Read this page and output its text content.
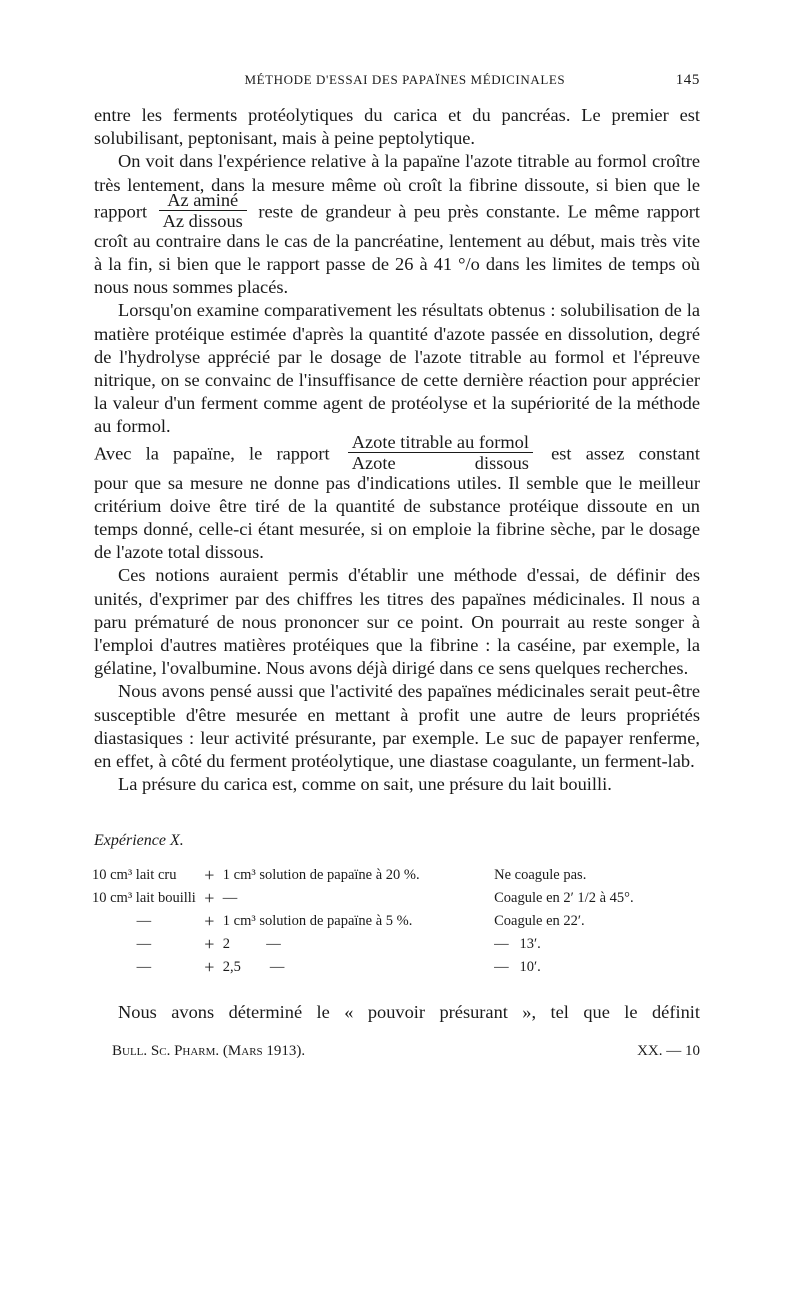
MÉTHODE D'ESSAI DES PAPAÏNES MÉDICINALES	145

entre les ferments protéolytiques du carica et du pancréas. Le premier est solubilisant, peptonisant, mais à peine peptolytique.

On voit dans l'expérience relative à la papaïne l'azote titrable au formol croître très lentement, dans la mesure même où croît la fibrine dissoute, si bien que le rapport $\frac{\text{Az aminé}}{\text{Az dissous}}$ reste de grandeur à peu près constante. Le même rapport croît au contraire dans le cas de la pancréatine, lentement au début, mais très vite à la fin, si bien que le rapport passe de 26 à 41 °/o dans les limites de temps où nous nous sommes placés.

Lorsqu'on examine comparativement les résultats obtenus : solubilisation de la matière protéique estimée d'après la quantité d'azote passée en dissolution, degré de l'hydrolyse apprécié par le dosage de l'azote titrable au formol et l'épreuve nitrique, on se convainc de l'insuffisance de cette dernière réaction pour apprécier la valeur d'un ferment comme agent de protéolyse et la supériorité de la méthode au formol.

Avec la papaïne, le rapport $\frac{\text{Azote titrable au formol}}{\text{Azote dissous}}$ est assez constant

pour que sa mesure ne donne pas d'indications utiles. Il semble que le meilleur critérium doive être tiré de la quantité de substance protéique dissoute en un temps donné, celle-ci étant mesurée, si on emploie la fibrine sèche, par le dosage de l'azote total dissous.

Ces notions auraient permis d'établir une méthode d'essai, de définir des unités, d'exprimer par des chiffres les titres des papaïnes médicinales. Il nous a paru prématuré de nous prononcer sur ce point. On pourrait au reste songer à l'emploi d'autres matières protéiques que la fibrine : la caséine, par exemple, la gélatine, l'ovalbumine. Nous avons déjà dirigé dans ce sens quelques recherches.

Nous avons pensé aussi que l'activité des papaïnes médicinales serait peut-être susceptible d'être mesurée en mettant à profit une autre de leurs propriétés diastasiques : leur activité présurante, par exemple. Le suc de papayer renferme, en effet, à côté du ferment protéolytique, une diastase coagulante, un ferment-lab.

La présure du carica est, comme on sait, une présure du lait bouilli.

Expérience X.
10 cm³ lait cru	+	1 cm³ solution de papaïne à 20 %.	Ne coagule pas.
10 cm³ lait bouilli	+	—	Coagule en 2′ 1/2 à 45°.
—	+	1 cm³ solution de papaïne à 5 %.	Coagule en 22′.
—	+	2          —	—   13′.
—	+	2,5        —	—   10′.

Nous avons déterminé le « pouvoir présurant », tel que le définit

Bull. Sc. Pharm. (Mars 1913).	XX. — 10
